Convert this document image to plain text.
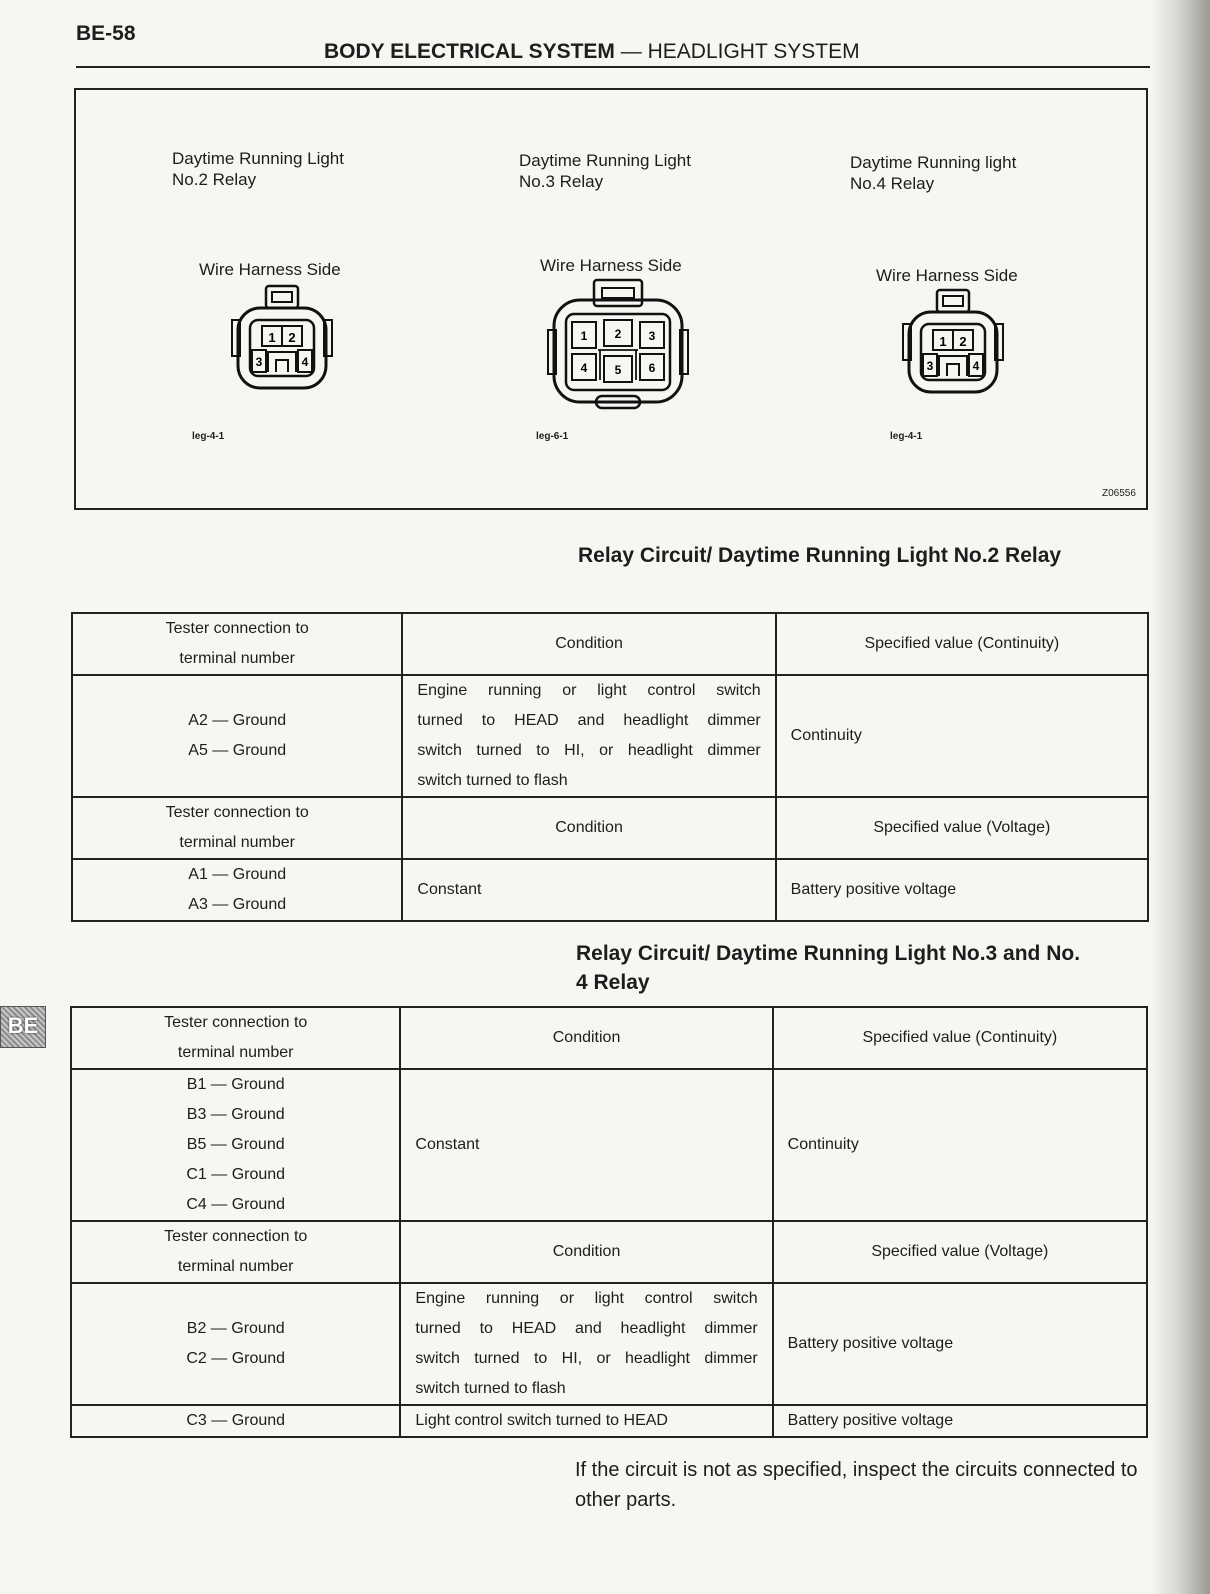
BE-58
BODY ELECTRICAL SYSTEM — HEADLIGHT SYSTEM
Daytime Running Light
No.2 Relay
Wire Harness Side
1 2
3	4
leg-4-1
Daytime Running Light
No.3 Relay
Wire Harness Side
1 2 3
4 5 6
leg-6-1
Daytime Running light
No.4 Relay
Wire Harness Side
1 2
3	4
leg-4-1
Z06556
Relay Circuit/ Daytime Running Light No.2 Relay
Tester connection to
terminal number	Condition	Specified value (Continuity)

A2 — Ground
A5 — Ground	Engine running or light control switch
turned to HEAD and headlight dimmer
switch turned to HI, or headlight dimmer
switch turned to flash	Continuity

Tester connection to
terminal number	Condition	Specified value (Voltage)

A1 — Ground
A3 — Ground	Constant	Battery positive voltage
Relay Circuit/ Daytime Running Light No.3 and No.
4 Relay
BE	Tester connection to
terminal number	Condition	Specified value (Continuity)

B1 — Ground
B3 — Ground
B5 — Ground
C1 — Ground
C4 — Ground	Constant	Continuity

Tester connection to
terminal number	Condition	Specified value (Voltage)

B2 — Ground
C2 — Ground	Engine running or light control switch
turned to HEAD and headlight dimmer
switch turned to HI, or headlight dimmer
switch turned to flash	Battery positive voltage
C3 — Ground	Light control switch turned to HEAD	Battery positive voltage
If the circuit is not as specified, inspect the circuits connected to other parts.
